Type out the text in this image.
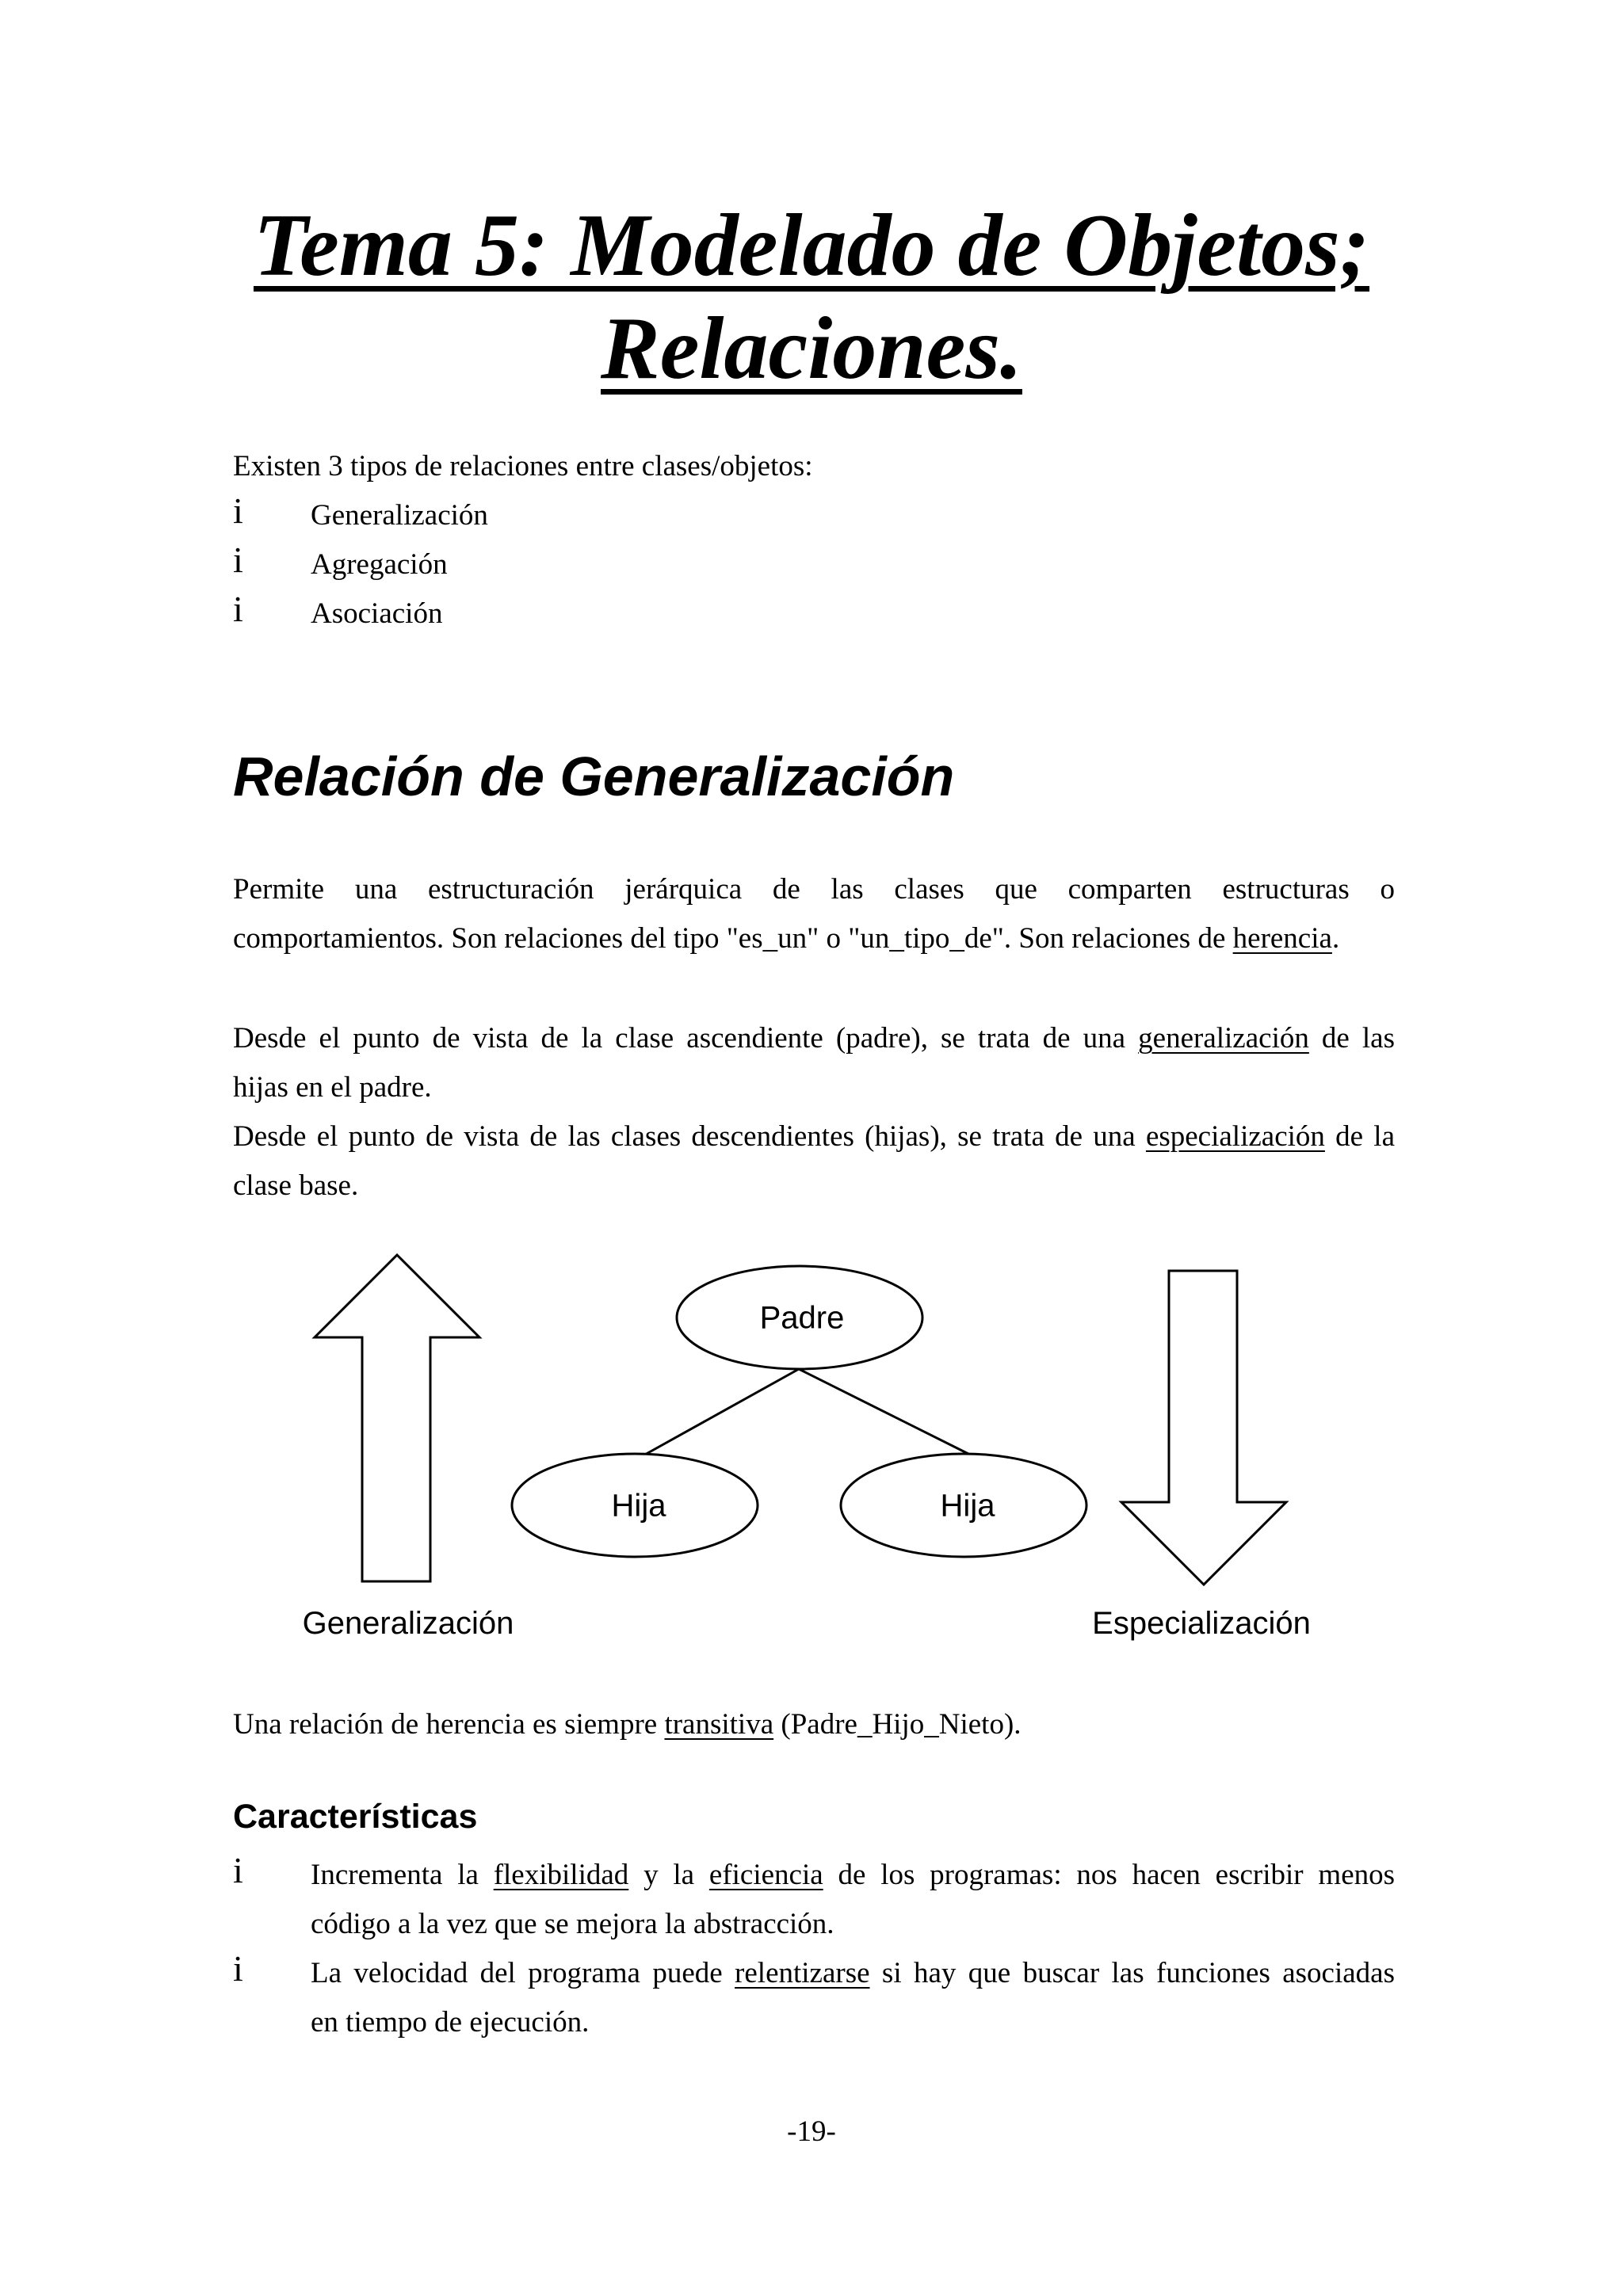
Tema 5: Modelado de Objetos;
Relaciones.
Existen 3 tipos de relaciones entre clases/objetos:
i Generalización
i Agregación
i Asociación
Relación de Generalización
Permite una estructuración jerárquica de las clases que comparten estructuras o
comportamientos. Son relaciones del tipo "es_un" o "un_tipo_de". Son relaciones de herencia.
Desde el punto de vista de la clase ascendiente (padre), se trata de una generalización de las
hijas en el padre.
Desde el punto de vista de las clases descendientes (hijas), se trata de una especialización de la
clase base.
Padre
Hija	Hija
Generalización	Especialización
Una relación de herencia es siempre transitiva (Padre_Hijo_Nieto).
Características
i Incrementa la flexibilidad y la eficiencia de los programas: nos hacen escribir menos
código a la vez que se mejora la abstracción.
i La velocidad del programa puede relentizarse si hay que buscar las funciones asociadas
en tiempo de ejecución.
-19-
